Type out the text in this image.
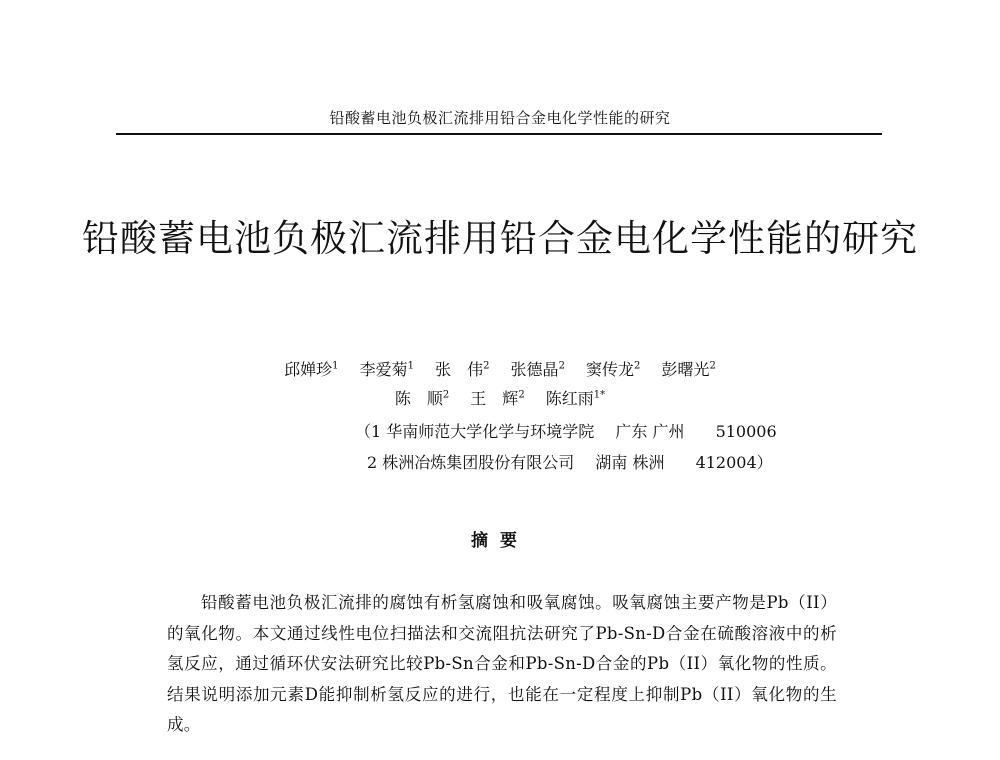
铅酸蓄电池负极汇流排用铅合金电化学性能的研究
铅酸蓄电池负极汇流排用铅合金电化学性能的研究

邱婵珍$^1$ 李爱菊$^1$ 张　伟$^2$ 张德晶$^2$ 窦传龙$^2$ 彭曙光$^2$

陈　顺$^2$ 王　辉$^2$ 陈红雨$^{1*}$

（1 华南师范大学化学与环境学院 广东 广州 510006
2 株洲冶炼集团股份有限公司 湖南 株洲 412004）
摘要

铅酸蓄电池负极汇流排的腐蚀有析氢腐蚀和吸氧腐蚀。吸氧腐蚀主要产物是Pb（II）的氧化物。本文通过线性电位扫描法和交流阻抗法研究了Pb-Sn-D合金在硫酸溶液中的析氢反应，通过循环伏安法研究比较Pb-Sn合金和Pb-Sn-D合金的Pb（II）氧化物的性质。结果说明添加元素D能抑制析氢反应的进行，也能在一定程度上抑制Pb（II）氧化物的生成。
